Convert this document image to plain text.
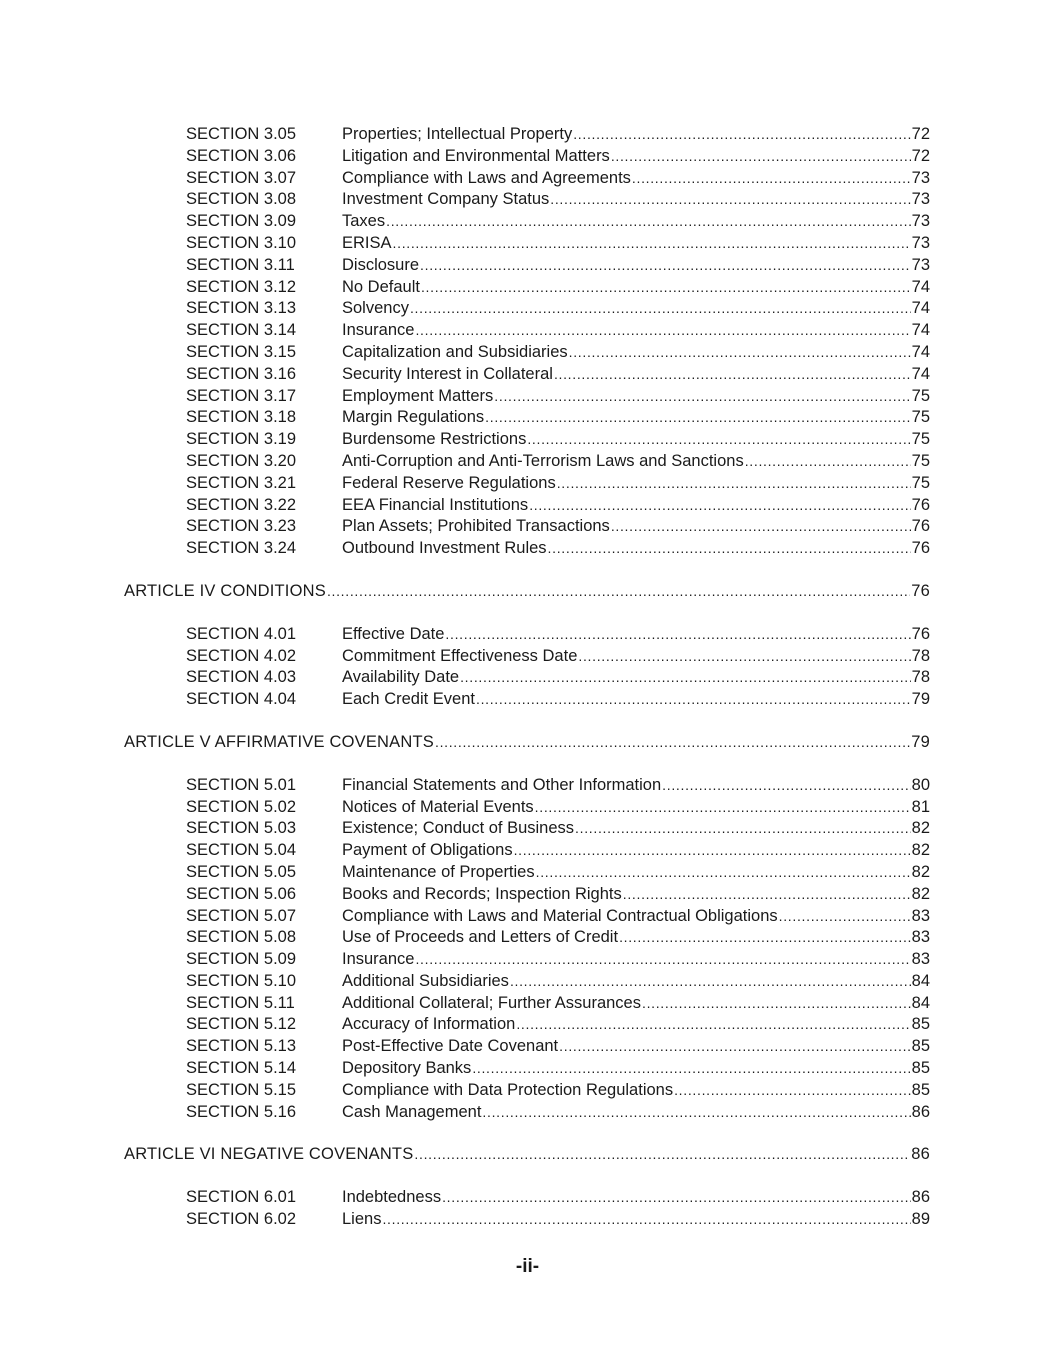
SECTION 3.05	Properties; Intellectual Property . . .	72
SECTION 3.06	Litigation and Environmental Matters . . .	72
SECTION 3.07	Compliance with Laws and Agreements . . .	73
SECTION 3.08	Investment Company Status . . .	73
SECTION 3.09	Taxes . . .	73
SECTION 3.10	ERISA . . .	73
SECTION 3.11	Disclosure . . .	73
SECTION 3.12	No Default . . .	74
SECTION 3.13	Solvency . . .	74
SECTION 3.14	Insurance . . .	74
SECTION 3.15	Capitalization and Subsidiaries . . .	74
SECTION 3.16	Security Interest in Collateral . . .	74
SECTION 3.17	Employment Matters . . .	75
SECTION 3.18	Margin Regulations . . .	75
SECTION 3.19	Burdensome Restrictions . . .	75
SECTION 3.20	Anti-Corruption and Anti-Terrorism Laws and Sanctions . . .	75
SECTION 3.21	Federal Reserve Regulations . . .	75
SECTION 3.22	EEA Financial Institutions . . .	76
SECTION 3.23	Plan Assets; Prohibited Transactions . . .	76
SECTION 3.24	Outbound Investment Rules . . .	76
ARTICLE IV CONDITIONS . . .	76
SECTION 4.01	Effective Date . . .	76
SECTION 4.02	Commitment Effectiveness Date . . .	78
SECTION 4.03	Availability Date . . .	78
SECTION 4.04	Each Credit Event . . .	79
ARTICLE V AFFIRMATIVE COVENANTS . . .	79
SECTION 5.01	Financial Statements and Other Information . . .	80
SECTION 5.02	Notices of Material Events . . .	81
SECTION 5.03	Existence; Conduct of Business . . .	82
SECTION 5.04	Payment of Obligations . . .	82
SECTION 5.05	Maintenance of Properties . . .	82
SECTION 5.06	Books and Records; Inspection Rights . . .	82
SECTION 5.07	Compliance with Laws and Material Contractual Obligations . . .	83
SECTION 5.08	Use of Proceeds and Letters of Credit . . .	83
SECTION 5.09	Insurance . . .	83
SECTION 5.10	Additional Subsidiaries . . .	84
SECTION 5.11	Additional Collateral; Further Assurances . . .	84
SECTION 5.12	Accuracy of Information . . .	85
SECTION 5.13	Post-Effective Date Covenant . . .	85
SECTION 5.14	Depository Banks . . .	85
SECTION 5.15	Compliance with Data Protection Regulations . . .	85
SECTION 5.16	Cash Management . . .	86
ARTICLE VI NEGATIVE COVENANTS . . .	86
SECTION 6.01	Indebtedness . . .	86
SECTION 6.02	Liens . . .	89
-ii-
